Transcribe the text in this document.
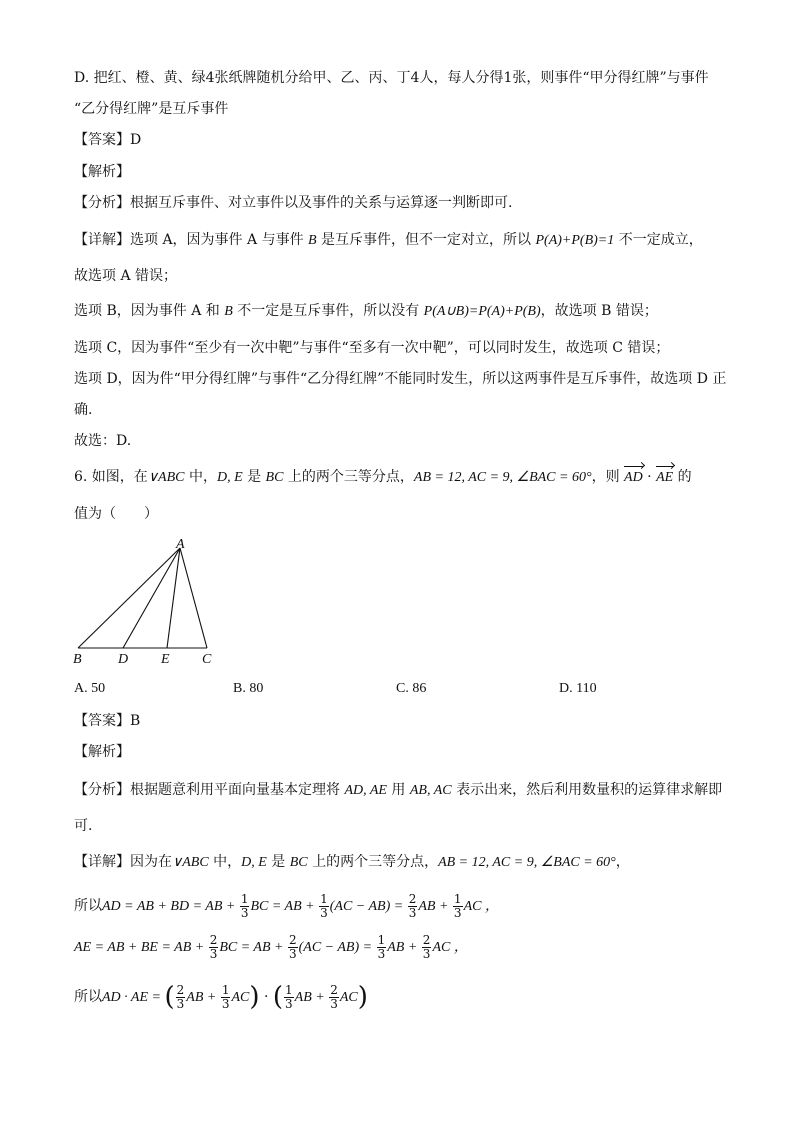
D. 把红、橙、黄、绿4张纸牌随机分给甲、乙、丙、丁4人，每人分得1张，则事件“甲分得红牌”与事件
“乙分得红牌”是互斥事件
【答案】D
【解析】
【分析】根据互斥事件、对立事件以及事件的关系与运算逐一判断即可.
【详解】选项 A，因为事件 A 与事件 B 是互斥事件，但不一定对立，所以 P(A)+P(B)=1 不一定成立，
故选项 A 错误；
选项 B，因为事件 A 和 B 不一定是互斥事件，所以没有 P(A∪B)=P(A)+P(B)，故选项 B 错误；
选项 C，因为事件“至少有一次中靶”与事件“至多有一次中靶”，可以同时发生，故选项 C 错误；
选项 D，因为件“甲分得红牌”与事件“乙分得红牌”不能同时发生，所以这两事件是互斥事件，故选项 D 正
确.
故选：D.
6. 如图，在∨ABC 中，D, E 是 BC 上的两个三等分点，AB = 12, AC = 9, ∠BAC = 60°，则 AD · AE 的
值为（　　）
A
B	D E C
A. 50	B. 80	C. 86	D. 110
【答案】B
【解析】
【分析】根据题意利用平面向量基本定理将 AD, AE 用 AB, AC 表示出来，然后利用数量积的运算律求解即
可.
【详解】因为在∨ABC 中，D, E 是 BC 上的两个三等分点，AB = 12, AC = 9, ∠BAC = 60°，
所以AD = AB + BD = AB + $\frac{1}{3}$ BC = AB + $\frac{1}{3} (AC - AB) = \frac{2}{3}$ AB + $\frac{1}{3}$ AC ，
AE = AB + BE = AB + $\frac{2}{3}$ BC = AB + $\frac{2}{3} (AC - AB) = \frac{1}{3}$ AB + $\frac{2}{3}$ AC ，
所以AD · AE = ( $\frac{2}{3}$ AB + $\frac{1}{3} AC$) · ( $\frac{1}{3}$ AB + $\frac{2}{3} AC$)
